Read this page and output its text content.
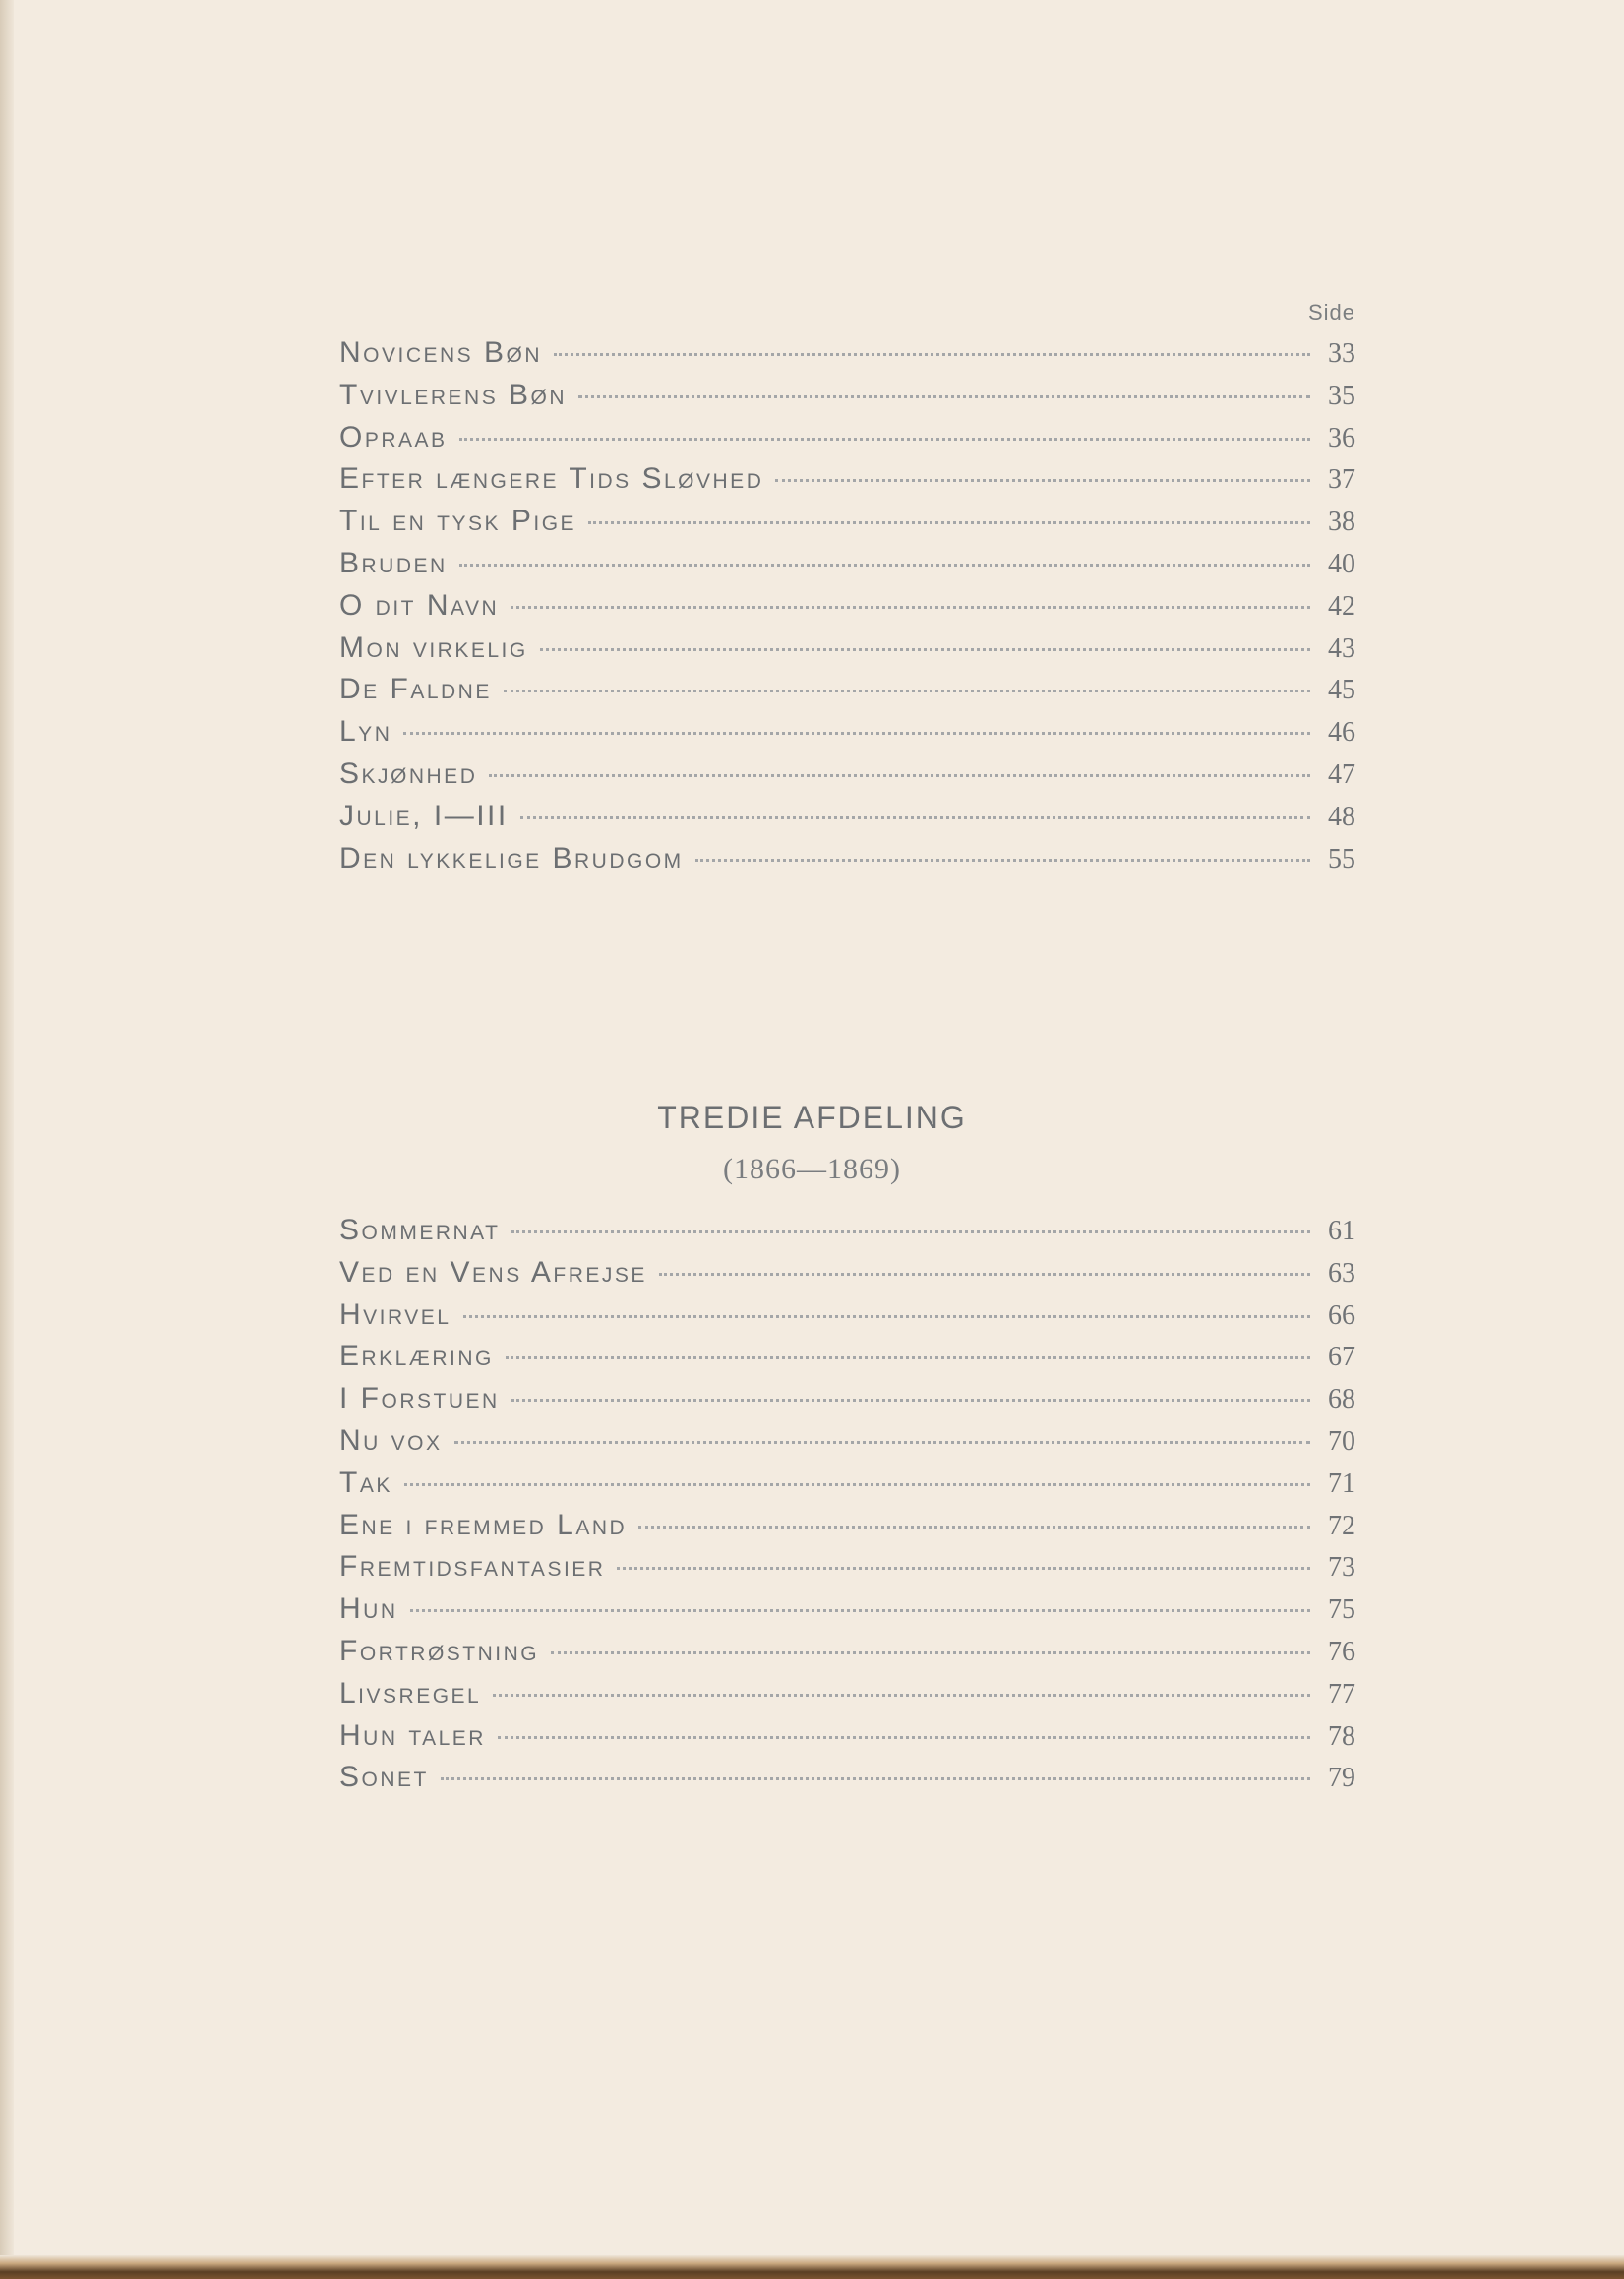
Side
Novicens Bøn	33
Tvivlerens Bøn	35
Opraab	36
Efter længere Tids Sløvhed	37
Til en tysk Pige	38
Bruden	40
O dit Navn	42
Mon virkelig	43
De Faldne	45
Lyn	46
Skjønhed	47
Julie, I—III	48
Den lykkelige Brudgom	55
TREDIE AFDELING
(1866—1869)
Sommernat	61
Ved en Vens Afrejse	63
Hvirvel	66
Erklæring	67
I Forstuen	68
Nu vox	70
Tak	71
Ene i fremmed Land	72
Fremtidsfantasier	73
Hun	75
Fortrøstning	76
Livsregel	77
Hun taler	78
Sonet	79
